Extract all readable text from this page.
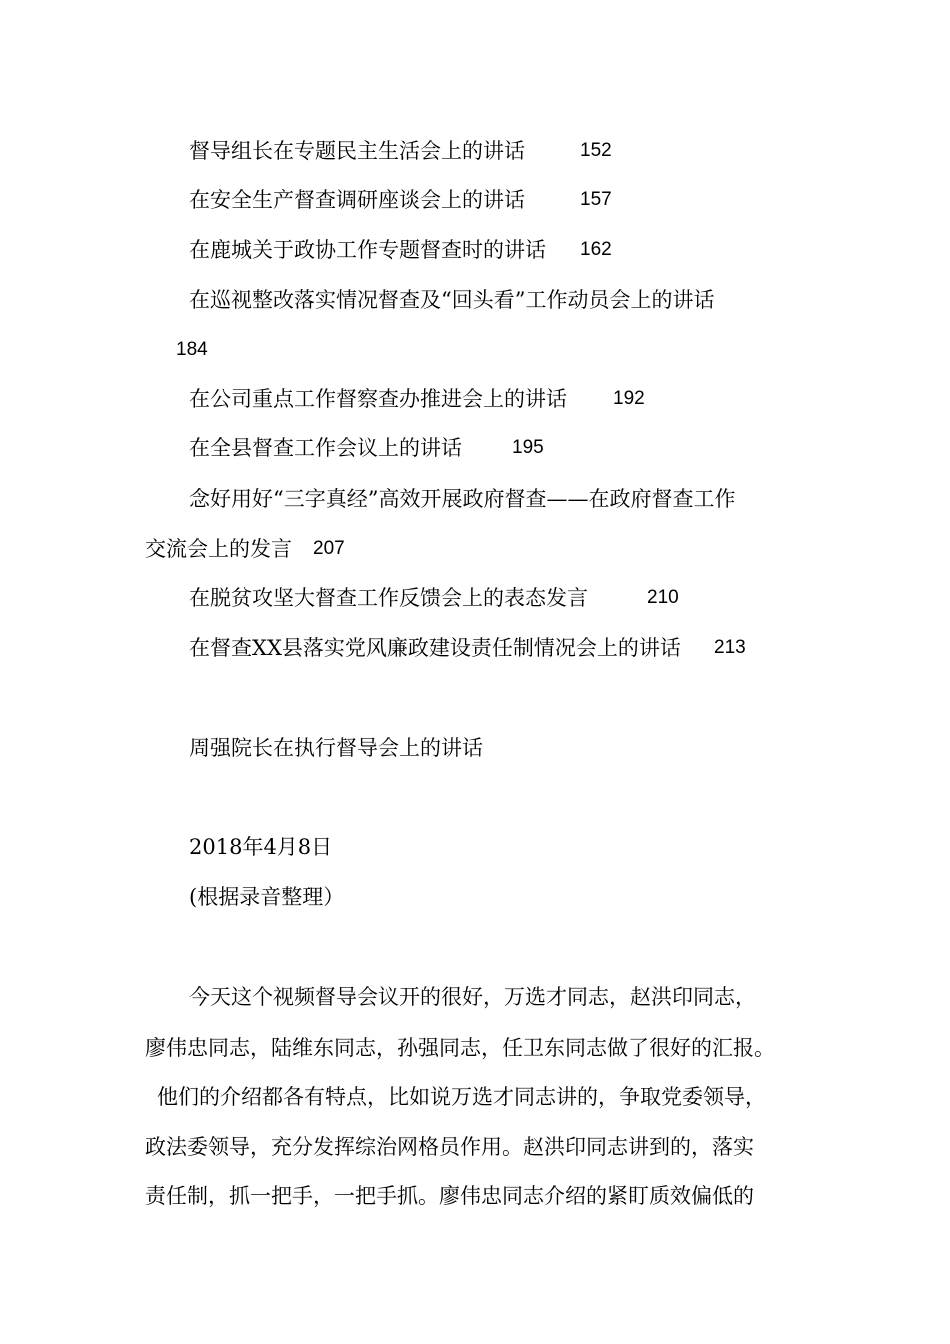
督导组长在专题民主生活会上的讲话	152
在安全生产督查调研座谈会上的讲话	157
在鹿城关于政协工作专题督查时的讲话 162
在巡视整改落实情况督查及“回头看”工作动员会上的讲话
184
在公司重点工作督察查办推进会上的讲话 192
在全县督查工作会议上的讲话	195
念好用好“三字真经”高效开展政府督查——在政府督查工作
交流会上的发言 207
在脱贫攻坚大督查工作反馈会上的表态发言	210
在督查XX县落实党风廉政建设责任制情况会上的讲话 213
周强院长在执行督导会上的讲话
2018年4月8日
(根据录音整理）
今天这个视频督导会议开的很好，万选才同志，赵洪印同志，
廖伟忠同志，陆维东同志，孙强同志，任卫东同志做了很好的汇报。
他们的介绍都各有特点，比如说万选才同志讲的，争取党委领导，
政法委领导，充分发挥综治网格员作用。赵洪印同志讲到的，落实
责任制，抓一把手，一把手抓。廖伟忠同志介绍的紧盯质效偏低的
